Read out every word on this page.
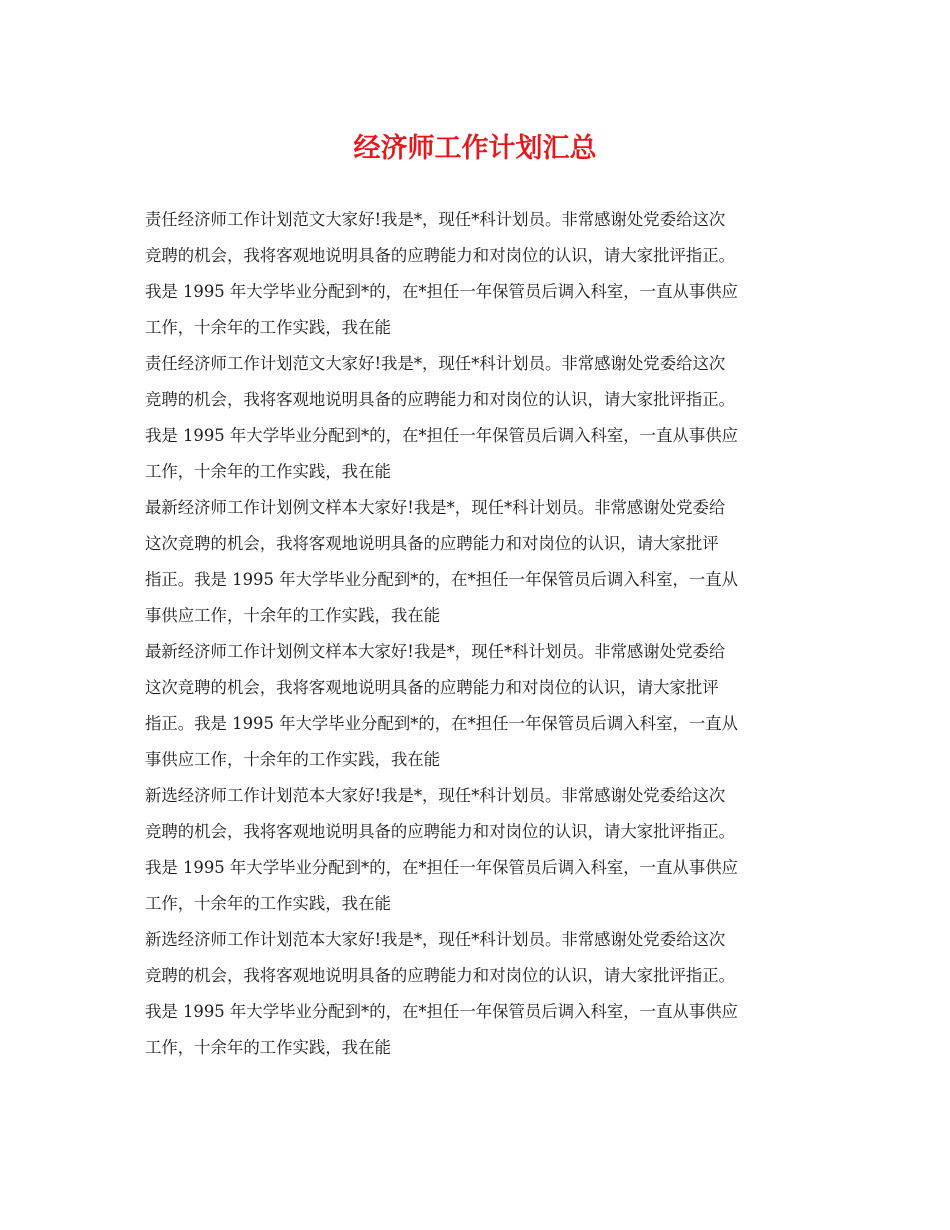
经济师工作计划汇总

责任经济师工作计划范文大家好!我是*，现任*科计划员。非常感谢处党委给这次

竞聘的机会，我将客观地说明具备的应聘能力和对岗位的认识，请大家批评指正。

我是 1995 年大学毕业分配到*的，在*担任一年保管员后调入科室，一直从事供应

工作，十余年的工作实践，我在能

责任经济师工作计划范文大家好!我是*，现任*科计划员。非常感谢处党委给这次

竞聘的机会，我将客观地说明具备的应聘能力和对岗位的认识，请大家批评指正。

我是 1995 年大学毕业分配到*的，在*担任一年保管员后调入科室，一直从事供应

工作，十余年的工作实践，我在能

最新经济师工作计划例文样本大家好!我是*，现任*科计划员。非常感谢处党委给

这次竞聘的机会，我将客观地说明具备的应聘能力和对岗位的认识，请大家批评

指正。我是 1995 年大学毕业分配到*的，在*担任一年保管员后调入科室，一直从

事供应工作，十余年的工作实践，我在能

最新经济师工作计划例文样本大家好!我是*，现任*科计划员。非常感谢处党委给

这次竞聘的机会，我将客观地说明具备的应聘能力和对岗位的认识，请大家批评

指正。我是 1995 年大学毕业分配到*的，在*担任一年保管员后调入科室，一直从

事供应工作，十余年的工作实践，我在能

新选经济师工作计划范本大家好!我是*，现任*科计划员。非常感谢处党委给这次

竞聘的机会，我将客观地说明具备的应聘能力和对岗位的认识，请大家批评指正。

我是 1995 年大学毕业分配到*的，在*担任一年保管员后调入科室，一直从事供应

工作，十余年的工作实践，我在能

新选经济师工作计划范本大家好!我是*，现任*科计划员。非常感谢处党委给这次

竞聘的机会，我将客观地说明具备的应聘能力和对岗位的认识，请大家批评指正。

我是 1995 年大学毕业分配到*的，在*担任一年保管员后调入科室，一直从事供应

工作，十余年的工作实践，我在能
